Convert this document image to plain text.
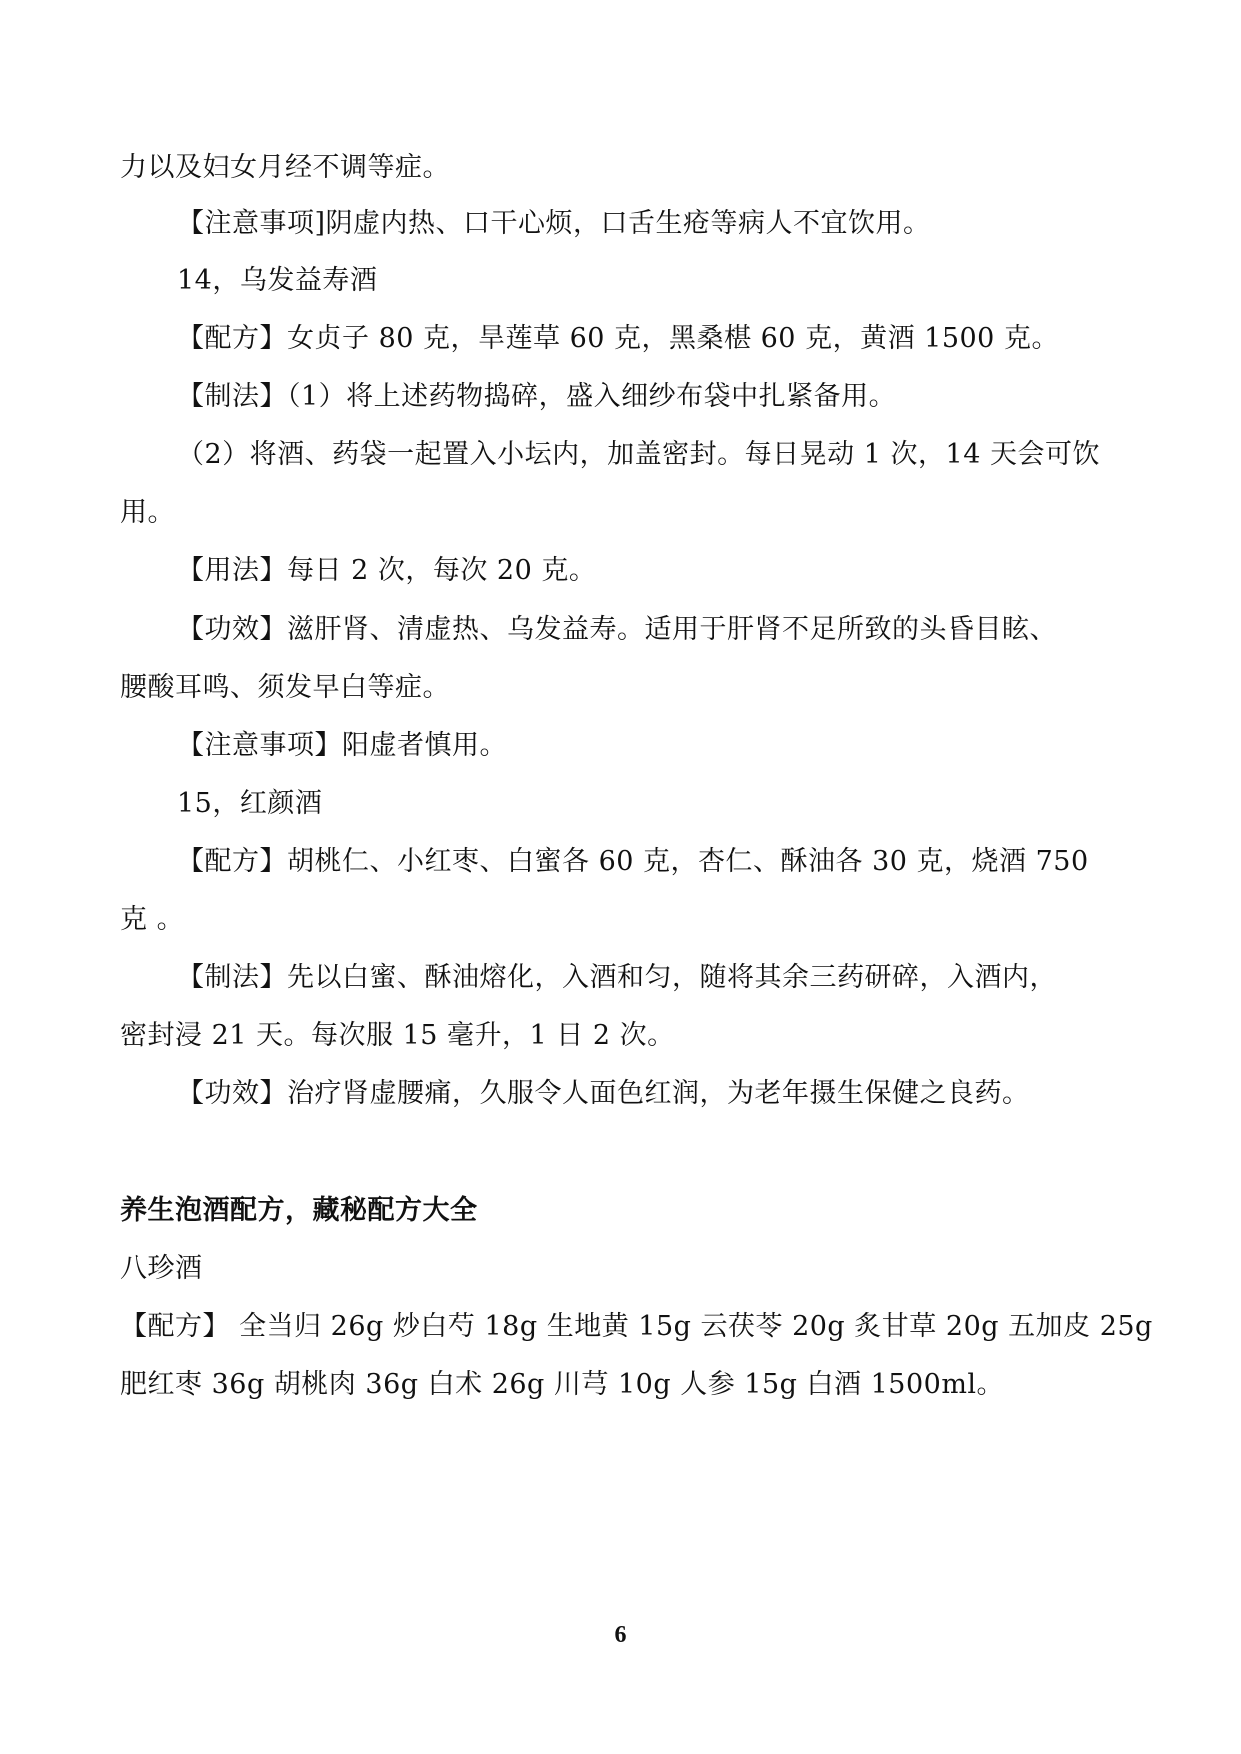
力以及妇女月经不调等症。
【注意事项]阴虚内热、口干心烦，口舌生疮等病人不宜饮用。
14，乌发益寿酒
【配方】女贞子 80 克，旱莲草 60 克，黑桑椹 60 克，黄酒 1500 克。
【制法】（1）将上述药物捣碎，盛入细纱布袋中扎紧备用。
（2）将酒、药袋一起置入小坛内，加盖密封。每日晃动 1 次，14 天会可饮
用。
【用法】每日 2 次，每次 20 克。
【功效】滋肝肾、清虚热、乌发益寿。适用于肝肾不足所致的头昏目眩、
腰酸耳鸣、须发早白等症。
【注意事项】阳虚者慎用。
15，红颜酒
【配方】胡桃仁、小红枣、白蜜各 60 克，杏仁、酥油各 30 克，烧酒 750
克 。
【制法】先以白蜜、酥油熔化，入酒和匀，随将其余三药研碎，入酒内，
密封浸 21 天。每次服 15 毫升，1 日 2 次。
【功效】治疗肾虚腰痛，久服令人面色红润，为老年摄生保健之良药。
养生泡酒配方，藏秘配方大全
八珍酒
【配方】 全当归 26g 炒白芍 18g 生地黄 15g 云茯苓 20g 炙甘草 20g 五加皮 25g
肥红枣 36g 胡桃肉 36g 白术 26g 川芎 10g 人参 15g 白酒 1500ml。
6
